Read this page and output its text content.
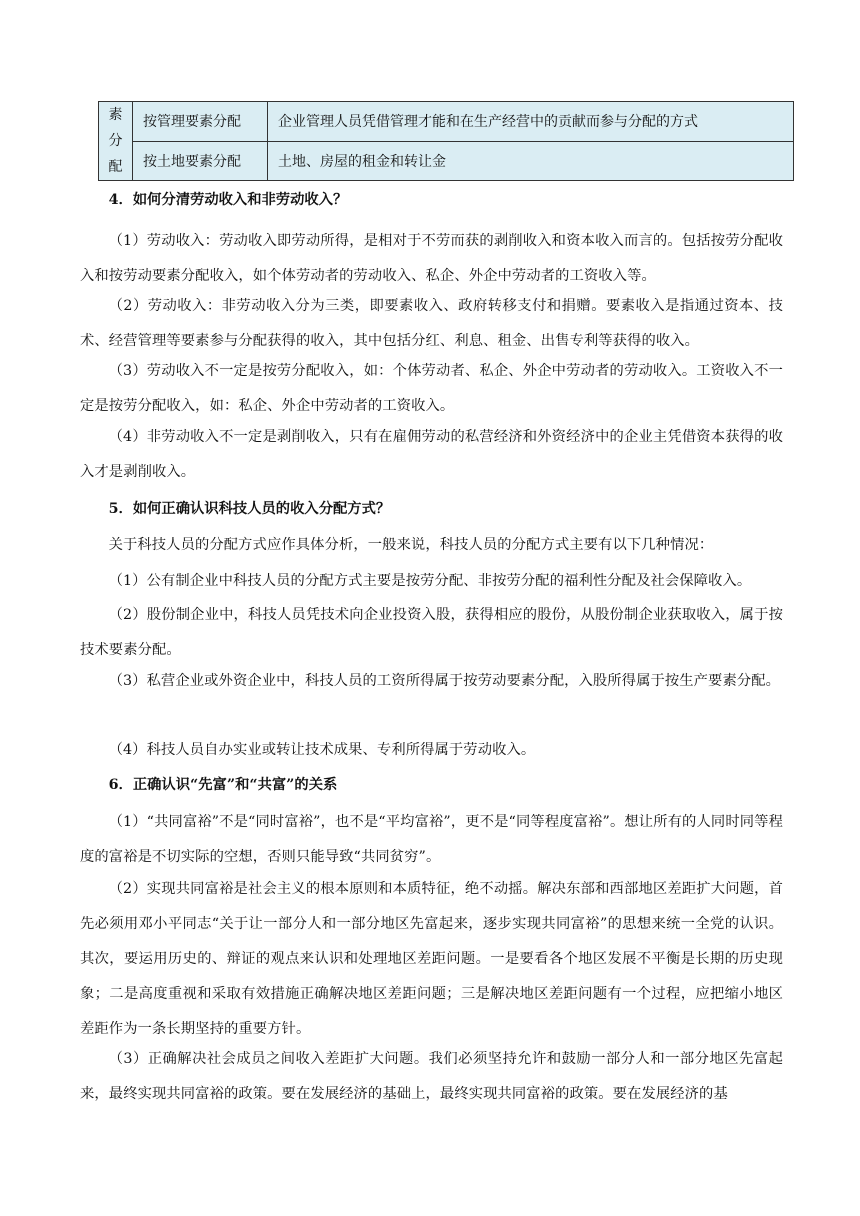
素
分
配	按管理要素分配	企业管理人员凭借管理才能和在生产经营中的贡献而参与分配的方式
	按土地要素分配	土地、房屋的租金和转让金

4．如何分清劳动收入和非劳动收入？

（1）劳动收入：劳动收入即劳动所得，是相对于不劳而获的剥削收入和资本收入而言的。包括按劳分配收入和按劳动要素分配收入，如个体劳动者的劳动收入、私企、外企中劳动者的工资收入等。

（2）劳动收入：非劳动收入分为三类，即要素收入、政府转移支付和捐赠。要素收入是指通过资本、技术、经营管理等要素参与分配获得的收入，其中包括分红、利息、租金、出售专利等获得的收入。

（3）劳动收入不一定是按劳分配收入，如：个体劳动者、私企、外企中劳动者的劳动收入。工资收入不一定是按劳分配收入，如：私企、外企中劳动者的工资收入。

（4）非劳动收入不一定是剥削收入，只有在雇佣劳动的私营经济和外资经济中的企业主凭借资本获得的收入才是剥削收入。

5．如何正确认识科技人员的收入分配方式？

关于科技人员的分配方式应作具体分析，一般来说，科技人员的分配方式主要有以下几种情况：

（1）公有制企业中科技人员的分配方式主要是按劳分配、非按劳分配的福利性分配及社会保障收入。

（2）股份制企业中，科技人员凭技术向企业投资入股，获得相应的股份，从股份制企业获取收入，属于按技术要素分配。

（3）私营企业或外资企业中，科技人员的工资所得属于按劳动要素分配，入股所得属于按生产要素分配。

（4）科技人员自办实业或转让技术成果、专利所得属于劳动收入。

6．正确认识“先富”和“共富”的关系

（1）“共同富裕”不是“同时富裕”，也不是“平均富裕”，更不是“同等程度富裕”。想让所有的人同时同等程度的富裕是不切实际的空想，否则只能导致“共同贫穷”。

（2）实现共同富裕是社会主义的根本原则和本质特征，绝不动摇。解决东部和西部地区差距扩大问题，首先必须用邓小平同志“关于让一部分人和一部分地区先富起来，逐步实现共同富裕”的思想来统一全党的认识。其次，要运用历史的、辩证的观点来认识和处理地区差距问题。一是要看各个地区发展不平衡是长期的历史现象；二是高度重视和采取有效措施正确解决地区差距问题；三是解决地区差距问题有一个过程，应把缩小地区差距作为一条长期坚持的重要方针。

（3）正确解决社会成员之间收入差距扩大问题。我们必须坚持允许和鼓励一部分人和一部分地区先富起来，最终实现共同富裕的政策。要在发展经济的基础上，最终实现共同富裕的政策。要在发展经济的基
